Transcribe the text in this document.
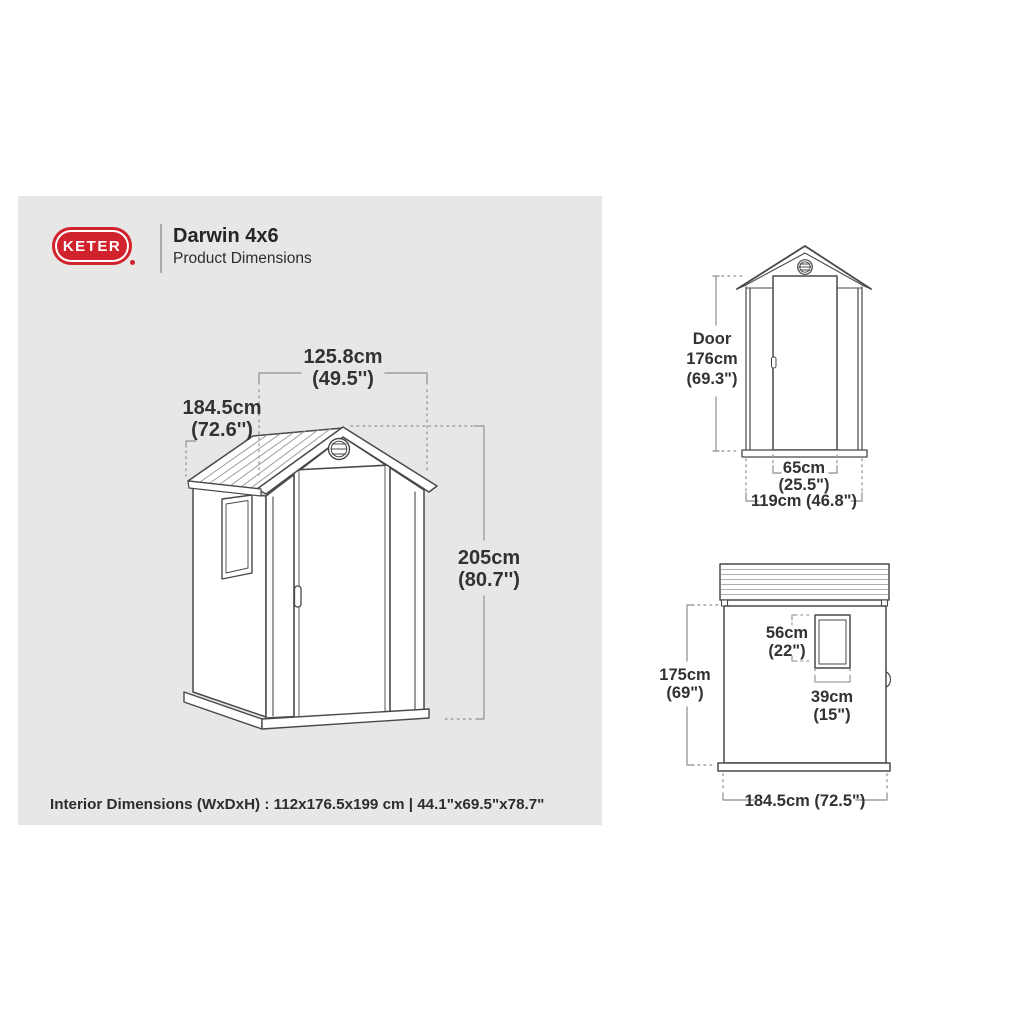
KETER	Darwin 4x6
Product Dimensions
125.8cm
(49.5'')
184.5cm
(72.6'')
205cm
(80.7'')
Interior Dimensions (WxDxH) : 112x176.5x199 cm | 44.1"x69.5"x78.7"
Door
176cm
(69.3")
65cm
(25.5")
119cm (46.8")
56cm
(22")
39cm
(15")
175cm
(69")
184.5cm (72.5")
